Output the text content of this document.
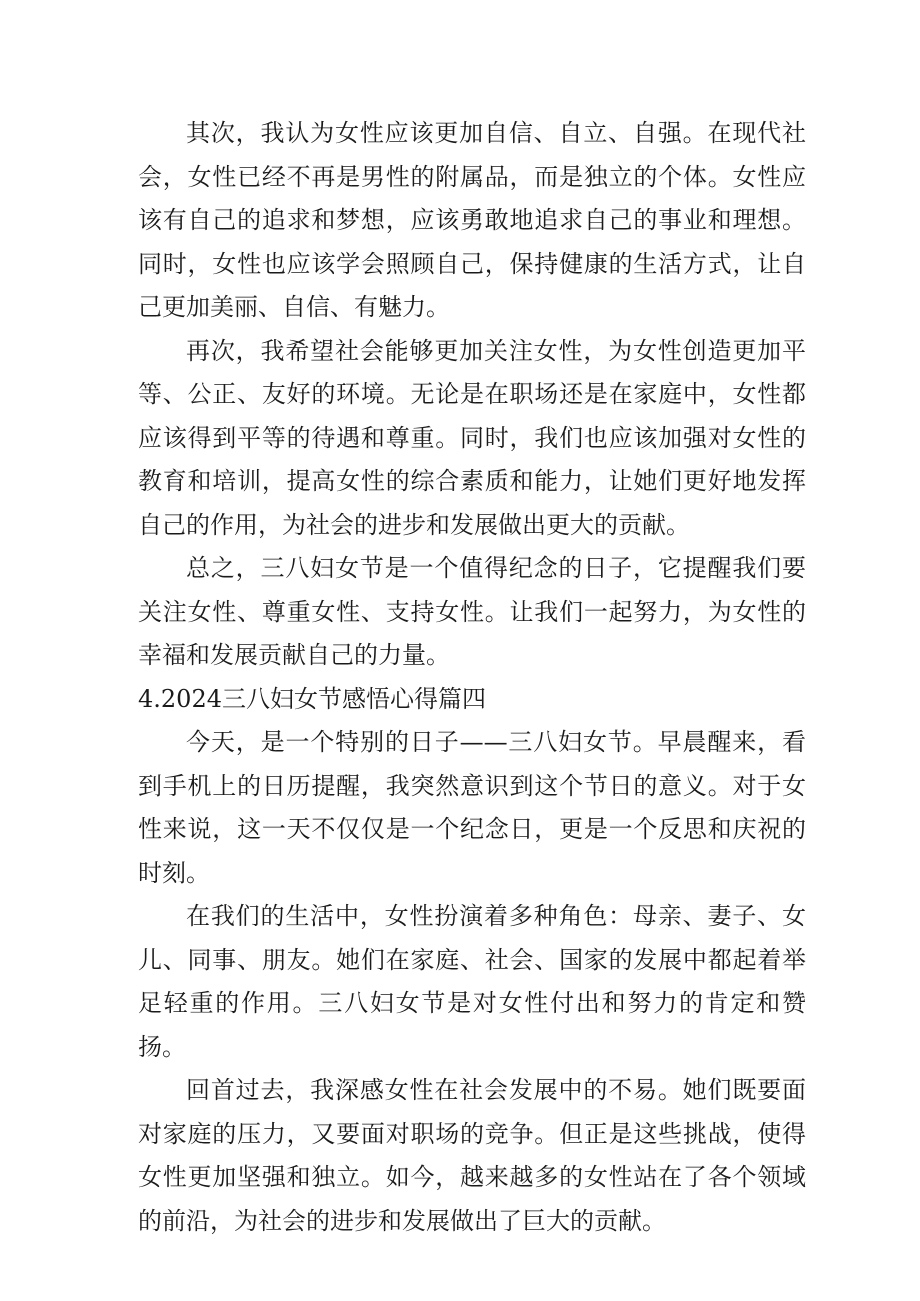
其次，我认为女性应该更加自信、自立、自强。在现代社会，女性已经不再是男性的附属品，而是独立的个体。女性应该有自己的追求和梦想，应该勇敢地追求自己的事业和理想。同时，女性也应该学会照顾自己，保持健康的生活方式，让自己更加美丽、自信、有魅力。

再次，我希望社会能够更加关注女性，为女性创造更加平等、公正、友好的环境。无论是在职场还是在家庭中，女性都应该得到平等的待遇和尊重。同时，我们也应该加强对女性的教育和培训，提高女性的综合素质和能力，让她们更好地发挥自己的作用，为社会的进步和发展做出更大的贡献。

总之，三八妇女节是一个值得纪念的日子，它提醒我们要关注女性、尊重女性、支持女性。让我们一起努力，为女性的幸福和发展贡献自己的力量。

4.2024三八妇女节感悟心得篇四

今天，是一个特别的日子——三八妇女节。早晨醒来，看到手机上的日历提醒，我突然意识到这个节日的意义。对于女性来说，这一天不仅仅是一个纪念日，更是一个反思和庆祝的时刻。

在我们的生活中，女性扮演着多种角色：母亲、妻子、女儿、同事、朋友。她们在家庭、社会、国家的发展中都起着举足轻重的作用。三八妇女节是对女性付出和努力的肯定和赞扬。

回首过去，我深感女性在社会发展中的不易。她们既要面对家庭的压力，又要面对职场的竞争。但正是这些挑战，使得女性更加坚强和独立。如今，越来越多的女性站在了各个领域的前沿，为社会的进步和发展做出了巨大的贡献。
